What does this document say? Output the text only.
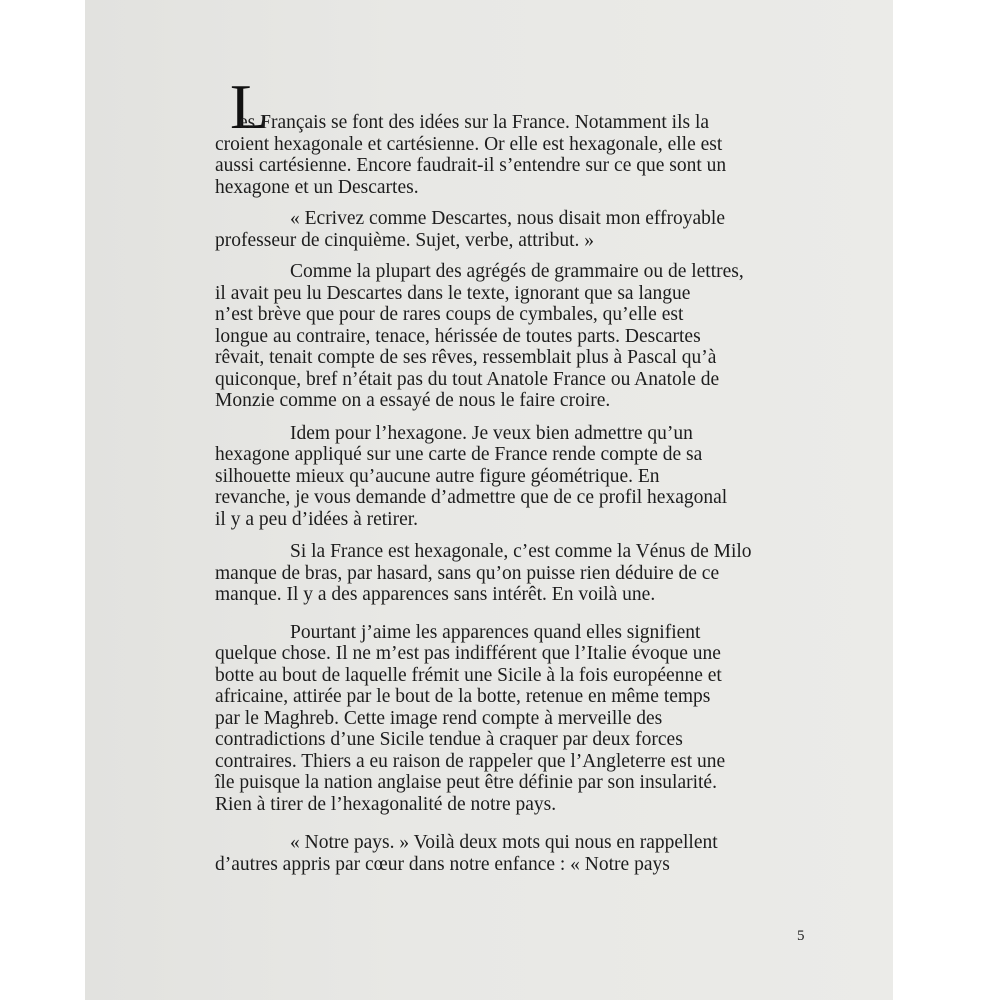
L
es Français se font des idées sur la France. Notamment ils la
croient hexagonale et cartésienne. Or elle est hexagonale, elle est
aussi cartésienne. Encore faudrait-il s’entendre sur ce que sont un
hexagone et un Descartes.
« Ecrivez comme Descartes, nous disait mon effroyable
professeur de cinquième. Sujet, verbe, attribut. »
Comme la plupart des agrégés de grammaire ou de lettres,
il avait peu lu Descartes dans le texte, ignorant que sa langue
n’est brève que pour de rares coups de cymbales, qu’elle est
longue au contraire, tenace, hérissée de toutes parts. Descartes
rêvait, tenait compte de ses rêves, ressemblait plus à Pascal qu’à
quiconque, bref n’était pas du tout Anatole France ou Anatole de
Monzie comme on a essayé de nous le faire croire.
Idem pour l’hexagone. Je veux bien admettre qu’un
hexagone appliqué sur une carte de France rende compte de sa
silhouette mieux qu’aucune autre figure géométrique. En
revanche, je vous demande d’admettre que de ce profil hexagonal
il y a peu d’idées à retirer.
Si la France est hexagonale, c’est comme la Vénus de Milo
manque de bras, par hasard, sans qu’on puisse rien déduire de ce
manque. Il y a des apparences sans intérêt. En voilà une.
Pourtant j’aime les apparences quand elles signifient
quelque chose. Il ne m’est pas indifférent que l’Italie évoque une
botte au bout de laquelle frémit une Sicile à la fois européenne et
africaine, attirée par le bout de la botte, retenue en même temps
par le Maghreb. Cette image rend compte à merveille des
contradictions d’une Sicile tendue à craquer par deux forces
contraires. Thiers a eu raison de rappeler que l’Angleterre est une
île puisque la nation anglaise peut être définie par son insularité.
Rien à tirer de l’hexagonalité de notre pays.
« Notre pays. » Voilà deux mots qui nous en rappellent
d’autres appris par cœur dans notre enfance : « Notre pays
5
